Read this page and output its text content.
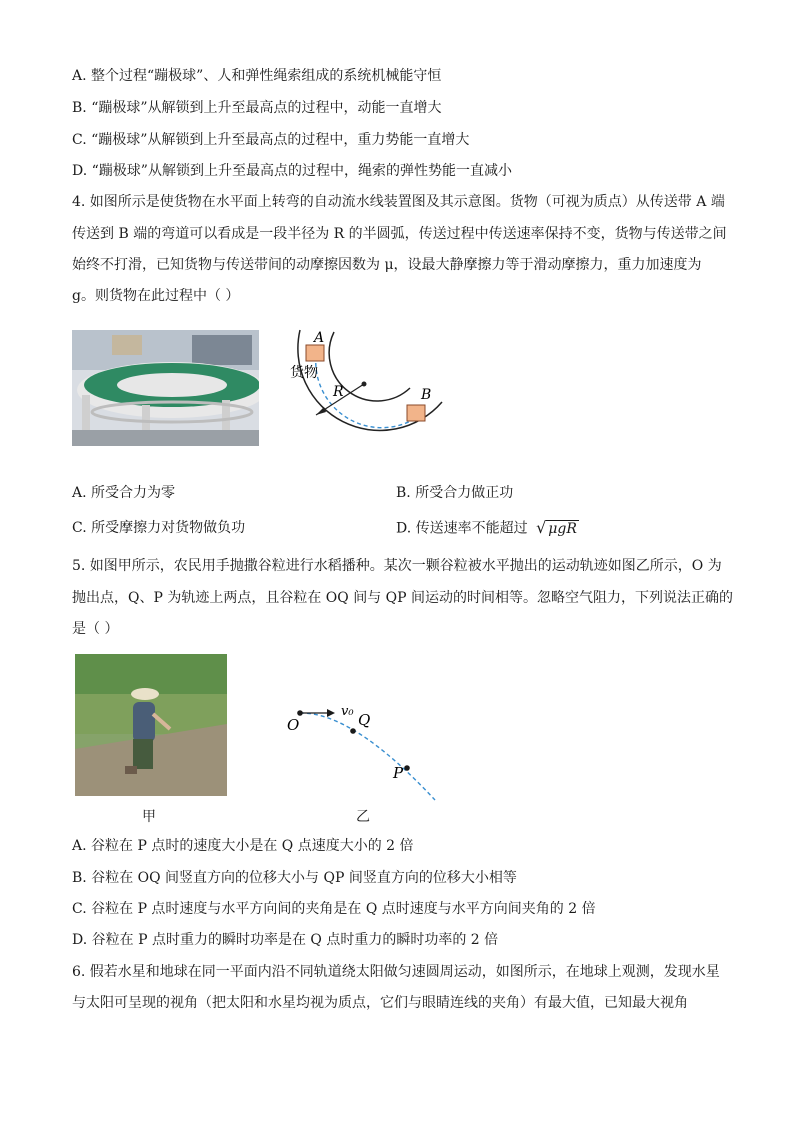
A. 整个过程“蹦极球”、人和弹性绳索组成的系统机械能守恒
B. “蹦极球”从解锁到上升至最高点的过程中，动能一直增大
C. “蹦极球”从解锁到上升至最高点的过程中，重力势能一直增大
D. “蹦极球”从解锁到上升至最高点的过程中，绳索的弹性势能一直减小
4. 如图所示是使货物在水平面上转弯的自动流水线装置图及其示意图。货物（可视为质点）从传送带 A 端
传送到 B 端的弯道可以看成是一段半径为 R 的半圆弧，传送过程中传送速率保持不变，货物与传送带之间
始终不打滑，已知货物与传送带间的动摩擦因数为 μ，设最大静摩擦力等于滑动摩擦力，重力加速度为
g。则货物在此过程中（ ）
A
B
R
货物
A. 所受合力为零	B. 所受合力做正功
C. 所受摩擦力对货物做负功	D. 传送速率不能超过 √ μgR
5. 如图甲所示，农民用手抛撒谷粒进行水稻播种。某次一颗谷粒被水平抛出的运动轨迹如图乙所示，O 为
抛出点，Q、P 为轨迹上两点，且谷粒在 OQ 间与 QP 间运动的时间相等。忽略空气阻力，下列说法正确的
是（ ）
甲
O	Q
P
v₀
乙
A. 谷粒在 P 点时的速度大小是在 Q 点速度大小的 2 倍
B. 谷粒在 OQ 间竖直方向的位移大小与 QP 间竖直方向的位移大小相等
C. 谷粒在 P 点时速度与水平方向间的夹角是在 Q 点时速度与水平方向间夹角的 2 倍
D. 谷粒在 P 点时重力的瞬时功率是在 Q 点时重力的瞬时功率的 2 倍
6. 假若水星和地球在同一平面内沿不同轨道绕太阳做匀速圆周运动，如图所示，在地球上观测，发现水星
与太阳可呈现的视角（把太阳和水星均视为质点，它们与眼睛连线的夹角）有最大值，已知最大视角
